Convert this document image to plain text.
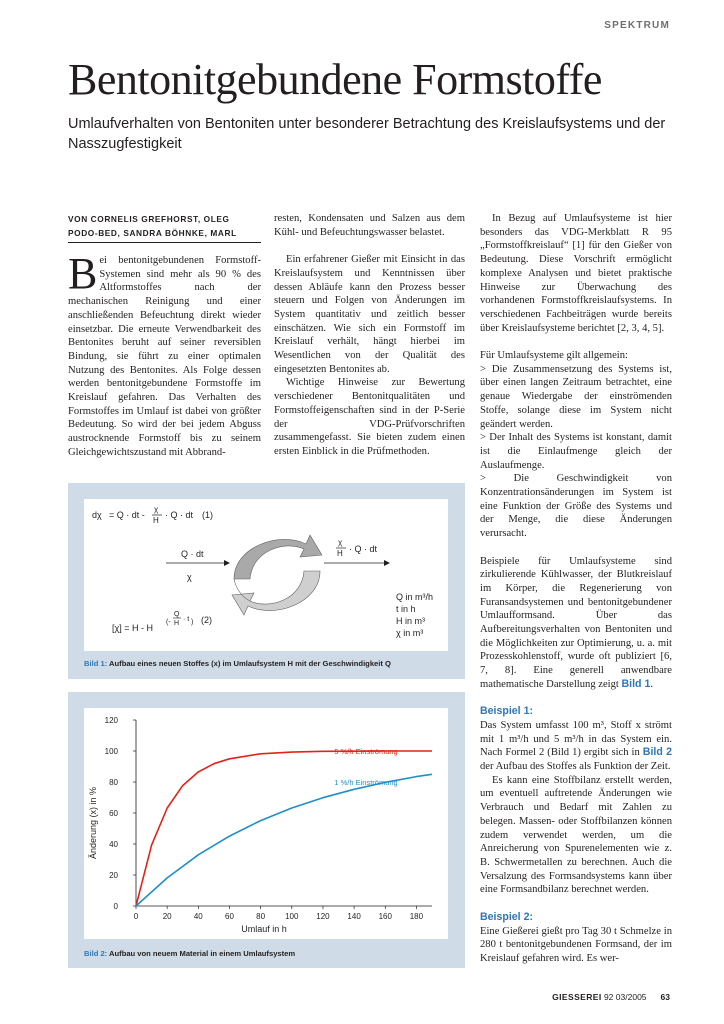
SPEKTRUM
Bentonitgebundene Formstoffe
Umlaufverhalten von Bentoniten unter besonderer Betrachtung des Kreislaufsystems und der Nasszugfestigkeit
VON CORNELIS GREFHORST, OLEG PODO-BED, SANDRA BÖHNKE, MARL

Bei bentonitgebundenen Formstoff-Systemen sind mehr als 90 % des Altformstoffes nach der mechanischen Reinigung und einer anschließenden Befeuchtung direkt wieder einsetzbar. Die erneute Verwendbarkeit des Bentonites beruht auf seiner reversiblen Bindung, sie führt zu einer optimalen Nutzung des Bentonites. Als Folge dessen werden bentonitgebundene Formstoffe im Kreislauf gefahren. Das Verhalten des Formstoffes im Umlauf ist dabei von größter Bedeutung. So wird der bei jedem Abguss austrocknende Formstoff bis zu seinem Gleichgewichtszustand mit Abbrand-

resten, Kondensaten und Salzen aus dem Kühl- und Befeuchtungswasser belastet.

Ein erfahrener Gießer mit Einsicht in das Kreislaufsystem und Kenntnissen über dessen Abläufe kann den Prozess besser steuern und Folgen von Änderungen im System quantitativ und zeitlich besser einschätzen. Wie sich ein Formstoff im Kreislauf verhält, hängt hierbei im Wesentlichen von der Qualität des eingesetzten Bentonites ab.

Wichtige Hinweise zur Bewertung verschiedener Bentonitqualitäten und Formstoffeigenschaften sind in der P-Serie der VDG-Prüfvorschriften zusammengefasst. Sie bieten zudem einen ersten Einblick in die Prüfmethoden.

In Bezug auf Umlaufsysteme ist hier besonders das VDG-Merkblatt R 95 „Formstoffkreislauf“ [1] für den Gießer von Bedeutung. Diese Vorschrift ermöglicht komplexe Analysen und bietet praktische Hinweise zur Überwachung des vorhandenen Formstoffkreislaufsystems. In verschiedenen Fachbeiträgen wurde bereits über Kreislaufsysteme berichtet [2, 3, 4, 5].

Für Umlaufsysteme gilt allgemein:

> Die Zusammensetzung des Systems ist, über einen langen Zeitraum betrachtet, eine genaue Wiedergabe der einströmenden Stoffe, solange diese im System nicht geändert werden.

> Der Inhalt des Systems ist konstant, damit ist die Einlaufmenge gleich der Auslaufmenge.

> Die Geschwindigkeit von Konzentrationsänderungen im System ist eine Funktion der Größe des Systems und der Menge, die diese Änderungen verursacht.

Beispiele für Umlaufsysteme sind zirkulierende Kühlwasser, der Blutkreislauf im Körper, die Regenerierung von Furansandsystemen und bentonitgebundener Umlaufformsand. Über das Aufbereitungsverhalten von Bentoniten und die Möglichkeiten zur Optimierung, u. a. mit Prozesskohlenstoff, wurde oft publiziert [6, 7, 8]. Eine generell anwendbare mathematische Darstellung zeigt Bild 1.

Beispiel 1:

Das System umfasst 100 m³, Stoff x strömt mit 1 m³/h und 5 m³/h in das System ein. Nach Formel 2 (Bild 1) ergibt sich in Bild 2 der Aufbau des Stoffes als Funktion der Zeit.

Es kann eine Stoffbilanz erstellt werden, um eventuell auftretende Änderungen wie Verbrauch und Bedarf mit Zahlen zu belegen. Massen- oder Stoffbilanzen können zudem verwendet werden, um die Anreicherung von Spurenelementen wie z. B. Schwermetallen zu berechnen. Auch die Versalzung des Formsandsystems kann über eine Formsandbilanz berechnet werden.

Beispiel 2:

Eine Gießerei gießt pro Tag 30 t Schmelze in 280 t bentonitgebundenen Formsand, der im Kreislauf gefahren wird. Es wer-

dχ = Q · dt -
χ
H
· Q · dt (1)
Q · dt
χ
χ
H · Q · dt
[χ] = H - H
(-
Q
H
· t ) (2)
Q in m³/h
t in h
H in m³
χ in m³
Bild 1: Aufbau eines neuen Stoffes (x) im Umlaufsystem H mit der Geschwindigkeit Q
0	20	40	60	80	100 120 140 160 180
0
20
40
60
80
100
120
Umlauf in h
Änderung (x) in %
5 %/h Einströmung
1 %/h Einströmung
Bild 2: Aufbau von neuem Material in einem Umlaufsystem
GIESSEREI 92 03/2005 63
